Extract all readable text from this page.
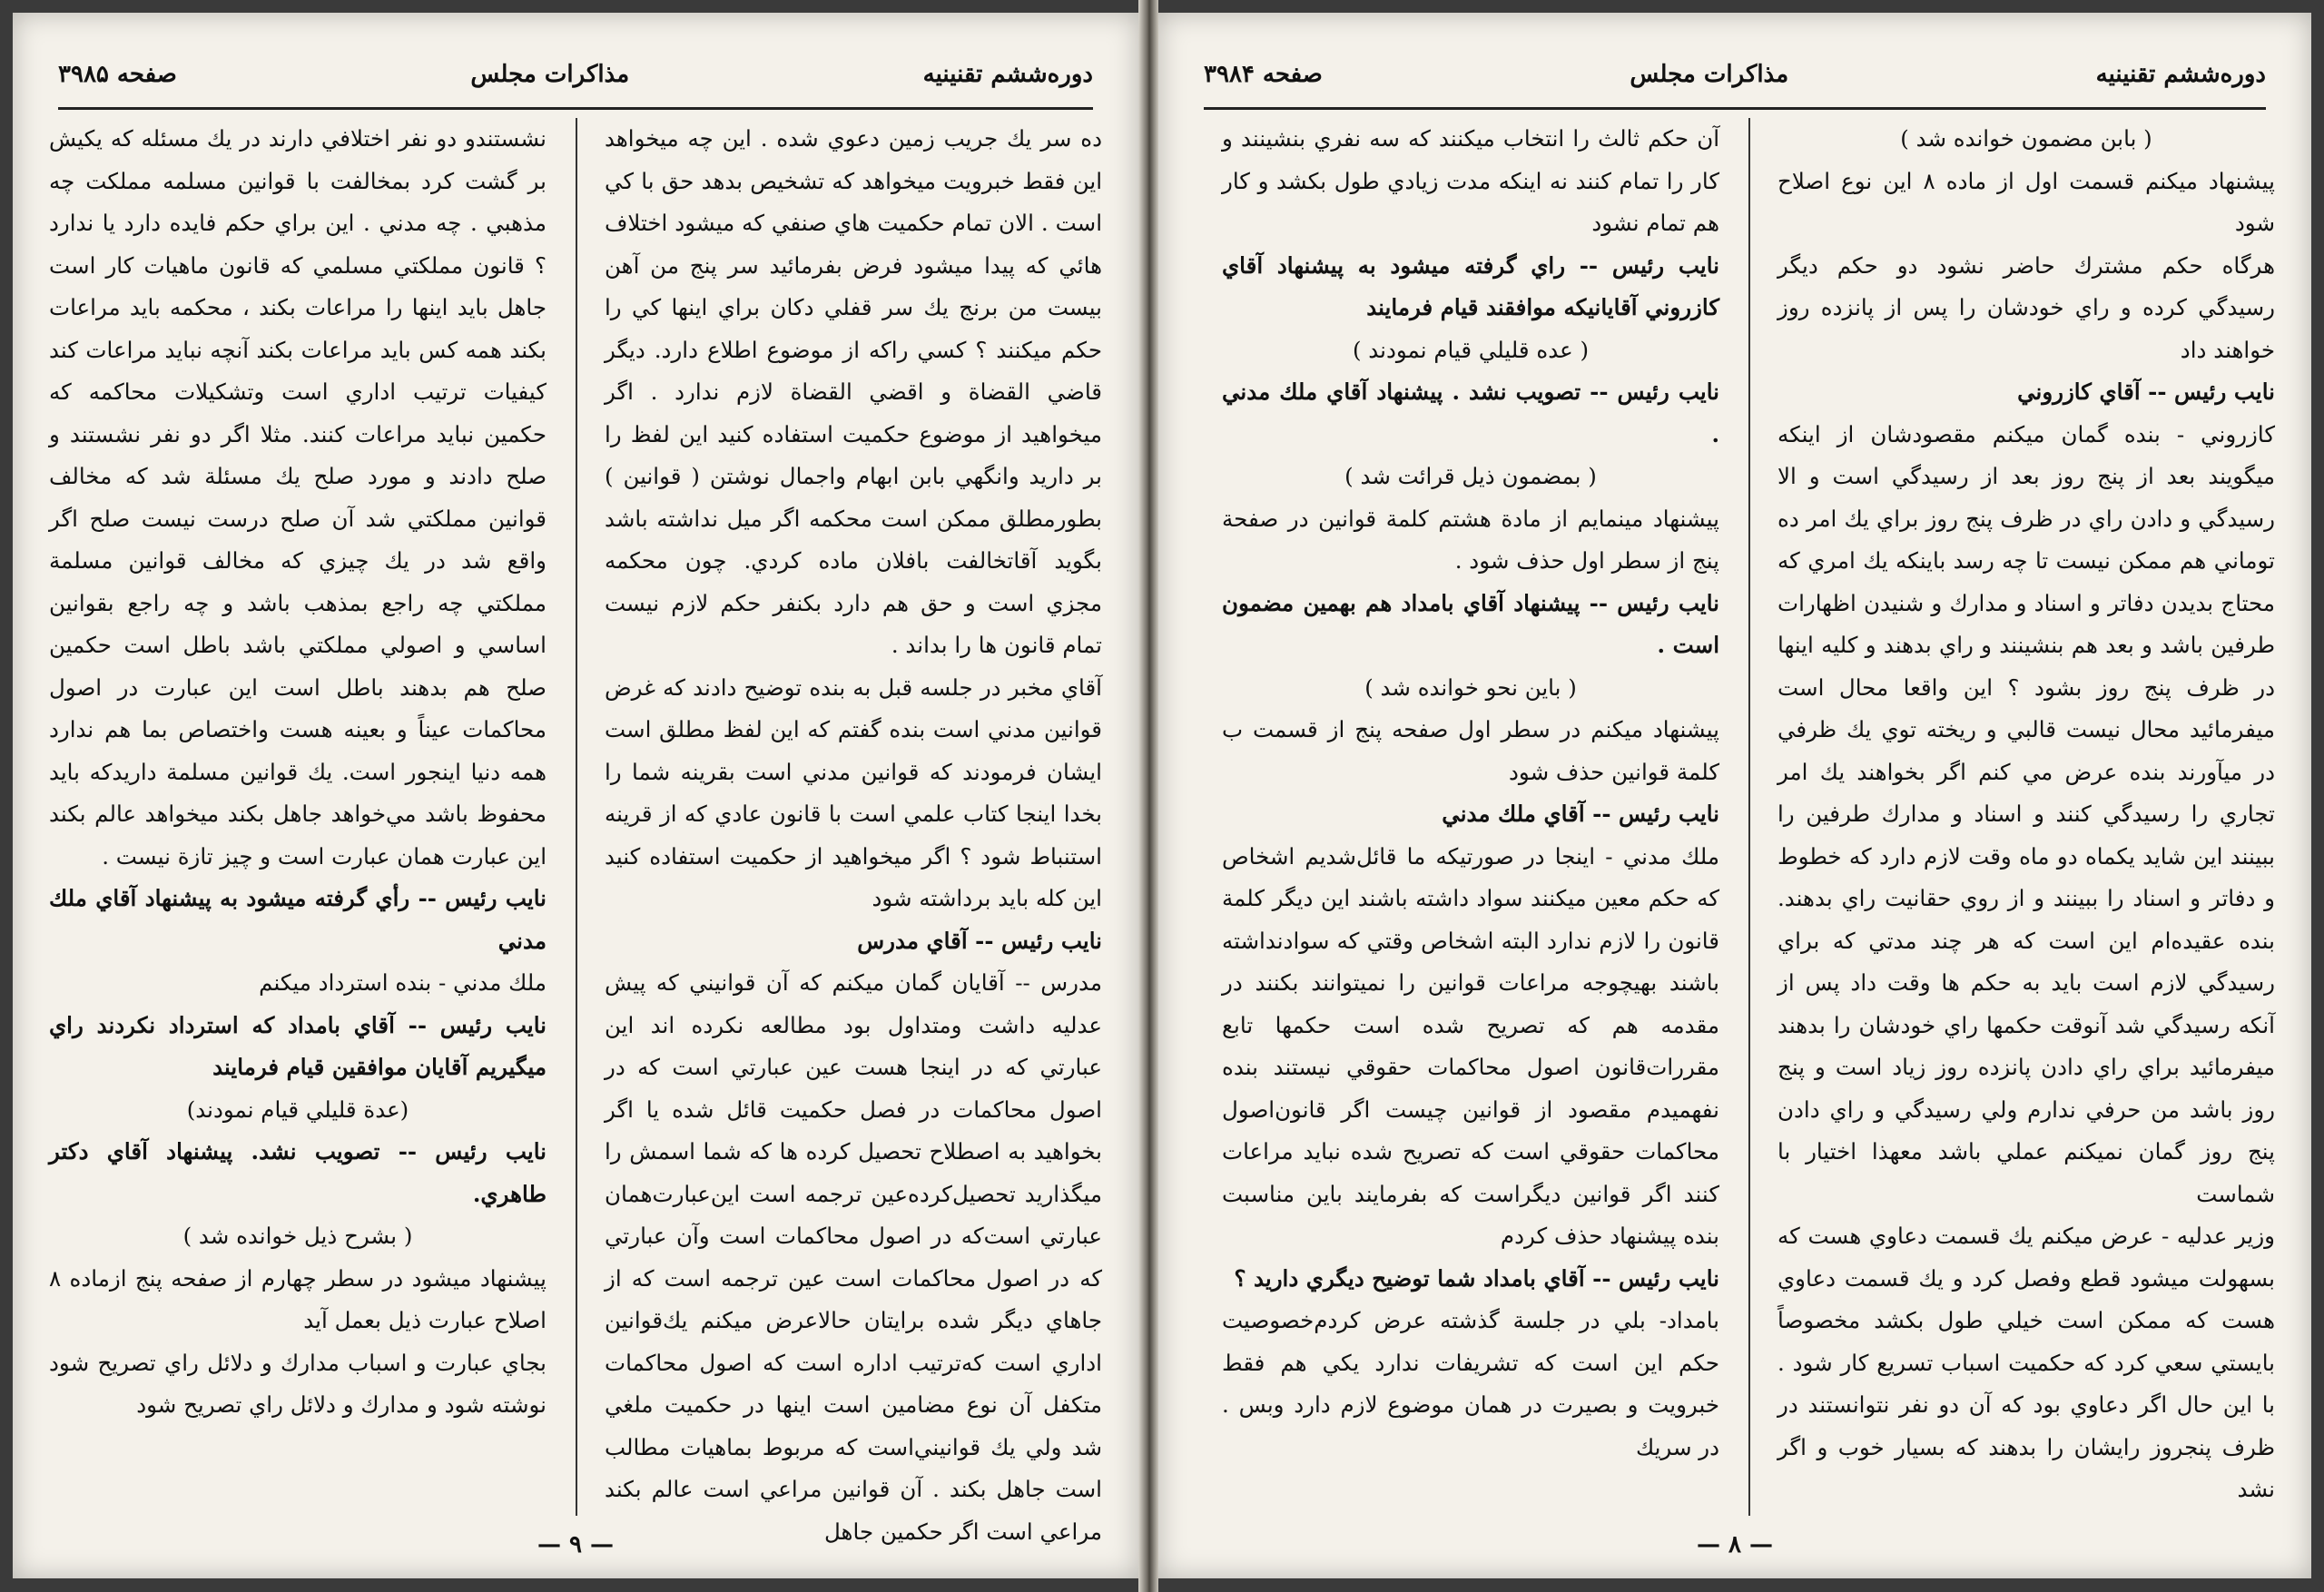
دوره‌ششم تقنینیه
مذاکرات مجلس
صفحه ۳۹۸۵

ده سر يك جريب زمين دعوي شده . اين چه ميخواهد اين فقط خبرويت ميخواهد كه تشخيص بدهد حق با كي است . الان تمام حكميت هاي صنفي كه ميشود اختلاف هائي كه پيدا ميشود فرض بفرمائيد سر پنج من آهن بيست من برنج يك سر قفلي دكان براي اينها كي را حكم ميكنند ؟ كسي راكه از موضوع اطلاع دارد. ديگر قاضي القضاة و اقضي القضاة لازم ندارد . اگر ميخواهيد از موضوع حكميت استفاده كنيد اين لفظ را بر داريد وانگهي بابن ابهام واجمال نوشتن ( قوانين ) بطورمطلق ممكن است محكمه اگر ميل نداشته باشد بگويد آقاتخالفت بافلان ماده كردي. چون محكمه مجزي است و حق هم دارد بكنفر حكم لازم نيست تمام قانون ها را بداند .

آقاي مخبر در جلسه قبل به بنده توضيح دادند كه غرض قوانين مدني است بنده گفتم كه اين لفظ مطلق است ايشان فرمودند كه قوانين مدني است بقرينه شما را بخدا اينجا كتاب علمي است با قانون عادي كه از قرينه استنباط شود ؟ اگر ميخواهيد از حكميت استفاده كنيد اين كله بايد برداشته شود

نايب رئيس -- آقاي مدرس

مدرس -- آقايان گمان ميكنم كه آن قوانيني كه پيش عدليه داشت ومتداول بود مطالعه نكرده اند اين عبارتي كه در اينجا هست عين عبارتي است كه در اصول محاكمات در فصل حكميت قائل شده يا اگر بخواهيد به اصطلاح تحصيل كرده ها كه شما اسمش را ميگذاريد تحصيل‌كرده‌عين ترجمه است اين‌عبارت‌همان عبارتي است‌كه در اصول محاكمات است وآن عبارتي كه در اصول محاكمات است عين ترجمه است كه از جاهاي ديگر شده برايتان حالاعرض ميكنم يك‌قوانين اداري است كه‌ترتيب اداره است كه اصول محاكمات متكفل آن نوع مضامين است اينها در حكميت ملغي شد ولي يك قوانيني‌است كه مربوط بماهيات مطالب است جاهل بكند . آن قوانين مراعي است عالم بكند مراعي است اگر حكمين جاهل

نشستندو دو نفر اختلافي دارند در يك مسئله كه يكيش بر گشت كرد بمخالفت با قوانين مسلمه مملكت چه مذهبي . چه مدني . اين براي حكم فايده دارد يا ندارد ؟ قانون مملكتي مسلمي كه قانون ماهيات كار است جاهل بايد اينها را مراعات بكند ، محكمه بايد مراعات بكند همه كس بايد مراعات بكند آنچه نبايد مراعات كند كيفيات ترتيب اداري است وتشكيلات محاكمه كه حكمين نبايد مراعات كنند. مثلا اگر دو نفر نشستند و صلح دادند و مورد صلح يك مسئلة شد كه مخالف قوانين مملكتي شد آن صلح درست نيست صلح اگر واقع شد در يك چيزي كه مخالف قوانين مسلمة مملكتي چه راجع بمذهب باشد و چه راجع بقوانين اساسي و اصولي مملكتي باشد باطل است حكمين صلح هم بدهند باطل است اين عبارت در اصول محاكمات عيناً و بعينه هست واختصاص بما هم ندارد همه دنيا اينجور است. يك قوانين مسلمة داريدكه بايد محفوظ باشد مي‌خواهد جاهل بكند ميخواهد عالم بكند اين عبارت همان عبارت است و چيز تازة نيست .

نايب رئيس -- رأي گرفته ميشود به پيشنهاد آقاي ملك مدني

ملك مدني - بنده استرداد ميكنم

نايب رئيس -- آقاي بامداد كه استرداد نكردند راي ميگيريم آقايان موافقين قيام فرمايند

(عدة قليلي قيام نمودند)

نايب رئيس -- تصويب نشد. پيشنهاد آقاي دكتر طاهري.

( بشرح ذيل خوانده شد )

پيشنهاد ميشود در سطر چهارم از صفحه پنج ازماده ۸ اصلاح عبارت ذيل بعمل آيد

بجاي عبارت و اسباب مدارك و دلائل راي تصريح شود نوشته شود و مدارك و دلائل راي تصريح شود

— ۹ —
دوره‌ششم تقنینیه
مذاكرات مجلس
صفحه ۳۹۸۴

( بابن مضمون خوانده شد )

پيشنهاد ميكنم قسمت اول از ماده ۸ اين نوع اصلاح شود

هرگاه حكم مشترك حاضر نشود دو حكم ديگر رسيدگي كرده و راي خودشان را پس از پانزده روز خواهند داد

نايب رئيس -- آقاي كازروني

كازروني - بنده گمان ميكنم مقصودشان از اينكه ميگويند بعد از پنج روز بعد از رسيدگي است و الا رسيدگي و دادن راي در ظرف پنج روز براي يك امر ده توماني هم ممكن نيست تا چه رسد باينكه يك امري كه محتاج بديدن دفاتر و اسناد و مدارك و شنيدن اظهارات طرفين باشد و بعد هم بنشينند و راي بدهند و كليه اينها در ظرف پنج روز بشود ؟ اين واقعا محال است ميفرمائيد محال نيست قالبي و ريخته توي يك ظرفي در ميآورند بنده عرض مي كنم اگر بخواهند يك امر تجاري را رسيدگي كنند و اسناد و مدارك طرفين را ببينند اين شايد يكماه دو ماه وقت لازم دارد كه خطوط و دفاتر و اسناد را ببينند و از روي حقانيت راي بدهند. بنده عقيده‌ام اين است كه هر چند مدتي كه براي رسيدگي لازم است بايد به حكم ها وقت داد پس از آنكه رسيدگي شد آنوقت حكمها راي خودشان را بدهند ميفرمائيد براي راي دادن پانزده روز زياد است و پنج روز باشد من حرفي ندارم ولي رسيدگي و راي دادن پنج روز گمان نميكنم عملي باشد معهذا اختيار با شماست

وزير عدليه - عرض ميكنم يك قسمت دعاوي هست كه بسهولت ميشود قطع وفصل كرد و يك قسمت دعاوي هست كه ممكن است خيلي طول بكشد مخصوصاً بايستي سعي كرد كه حكميت اسباب تسريع كار شود . با اين حال اگر دعاوي بود كه آن دو نفر نتوانستند در ظرف پنجروز رايشان را بدهند كه بسيار خوب و اگر نشد

آن حكم ثالث را انتخاب ميكنند كه سه نفري بنشينند و كار را تمام كنند نه اينكه مدت زيادي طول بكشد و كار هم تمام نشود

نايب رئيس -- راي گرفته ميشود به پيشنهاد آقاي كازروني آقايانيكه موافقند قيام فرمايند

( عده قليلي قيام نمودند )

نايب رئيس -- تصويب نشد . پيشنهاد آقاي ملك مدني .

( بمضمون ذيل قرائت شد )

پيشنهاد مينمايم از مادة هشتم كلمة قوانين در صفحة پنج از سطر اول حذف شود .

نايب رئيس -- پيشنهاد آقاي بامداد هم بهمين مضمون است .

( باين نحو خوانده شد )

پيشنهاد ميكنم در سطر اول صفحه پنج از قسمت ب كلمة قوانين حذف شود

نايب رئيس -- آقاي ملك مدني

ملك مدني - اينجا در صورتيكه ما قائل‌شديم اشخاص كه حكم معين ميكنند سواد داشته باشند اين ديگر كلمة قانون را لازم ندارد البته اشخاص وقتي كه سوادنداشته باشند بهيچوجه مراعات قوانين را نميتوانند بكنند در مقدمه هم كه تصريح شده است حكمها تابع مقررات‌قانون اصول محاكمات حقوقي نيستند بنده نفهميدم مقصود از قوانين چيست اگر قانون‌اصول محاكمات حقوقي است كه تصريح شده نبايد مراعات كنند اگر قوانين ديگراست كه بفرمايند باين مناسبت بنده پيشنهاد حذف كردم

نايب رئيس -- آقاي بامداد شما توضيح ديگري داريد ؟

بامداد- بلي در جلسة گذشته عرض كردم‌خصوصيت حكم اين است كه تشريفات ندارد يكي هم فقط خبرويت و بصيرت در همان موضوع لازم دارد وبس . در سريك

— ۸ —
